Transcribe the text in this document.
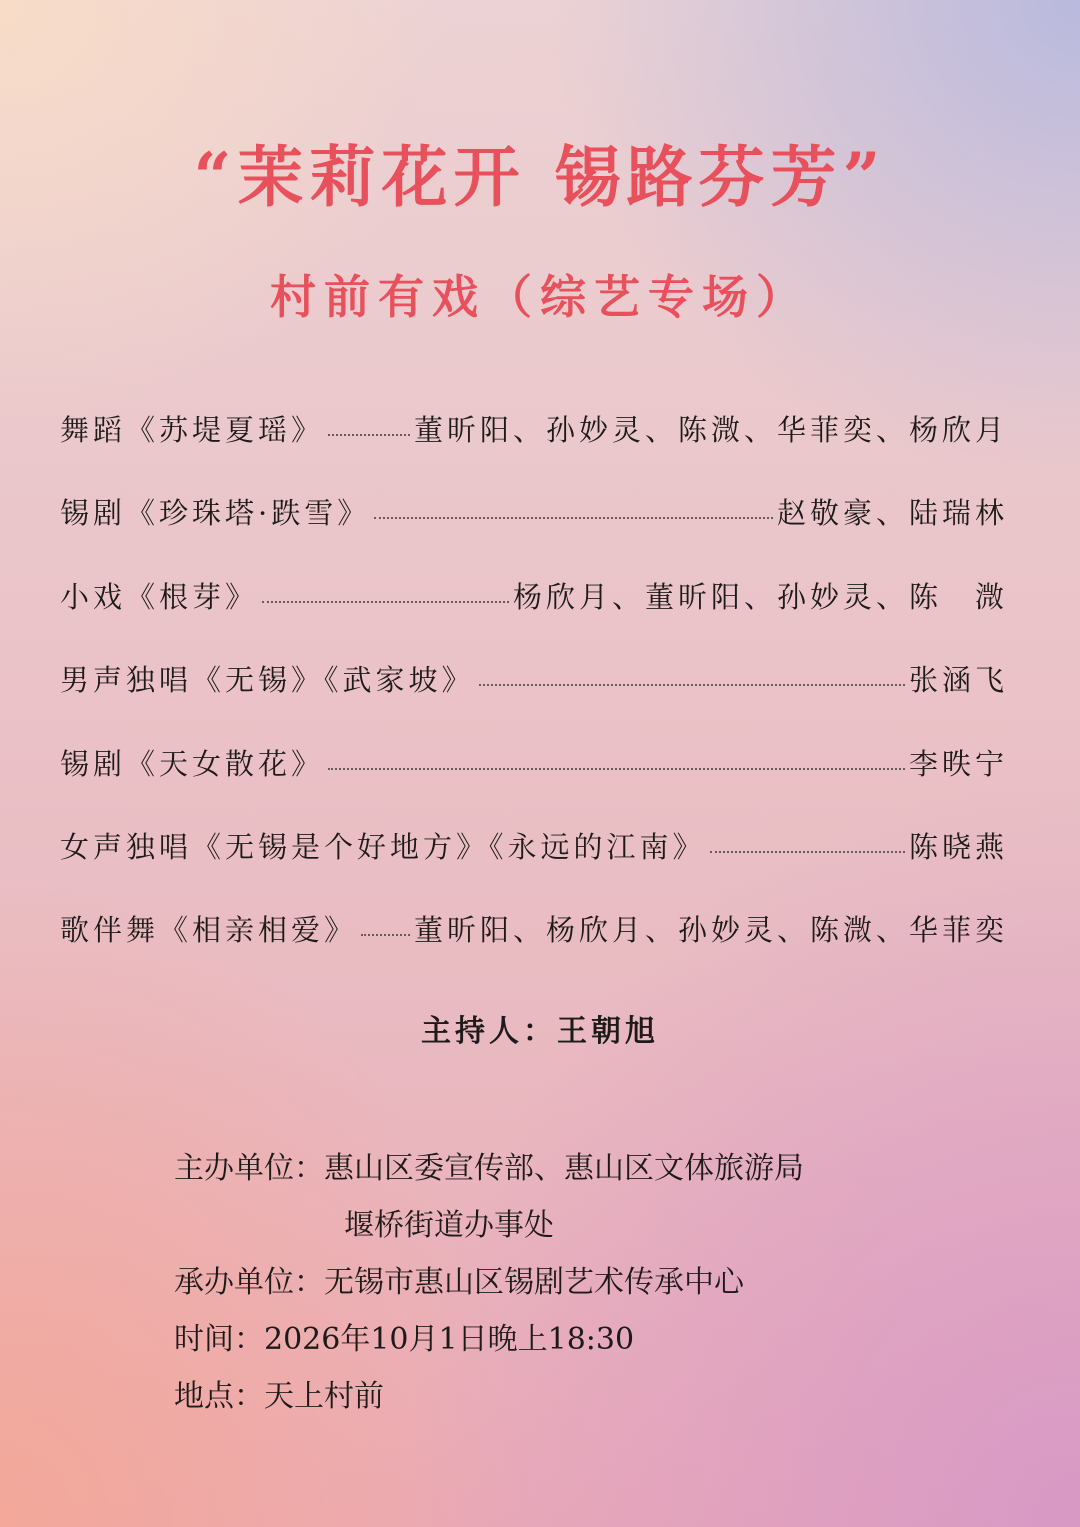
“茉莉花开 锡路芬芳”
村前有戏（综艺专场）
舞蹈《苏堤夏瑶》	董昕阳、孙妙灵、陈溦、华菲奕、杨欣月
锡剧《珍珠塔·跌雪》	赵敬豪、陆瑞林
小戏《根芽》	杨欣月、董昕阳、孙妙灵、陈　溦
男声独唱《无锡》《武家坡》	张涵飞
锡剧《天女散花》	李昳宁
女声独唱《无锡是个好地方》《永远的江南》	陈晓燕
歌伴舞《相亲相爱》 董昕阳、杨欣月、孙妙灵、陈溦、华菲奕
主持人：王朝旭
主办单位：惠山区委宣传部、惠山区文体旅游局
堰桥街道办事处
承办单位：无锡市惠山区锡剧艺术传承中心
时间：2026年10月1日晚上18:30
地点：天上村前
